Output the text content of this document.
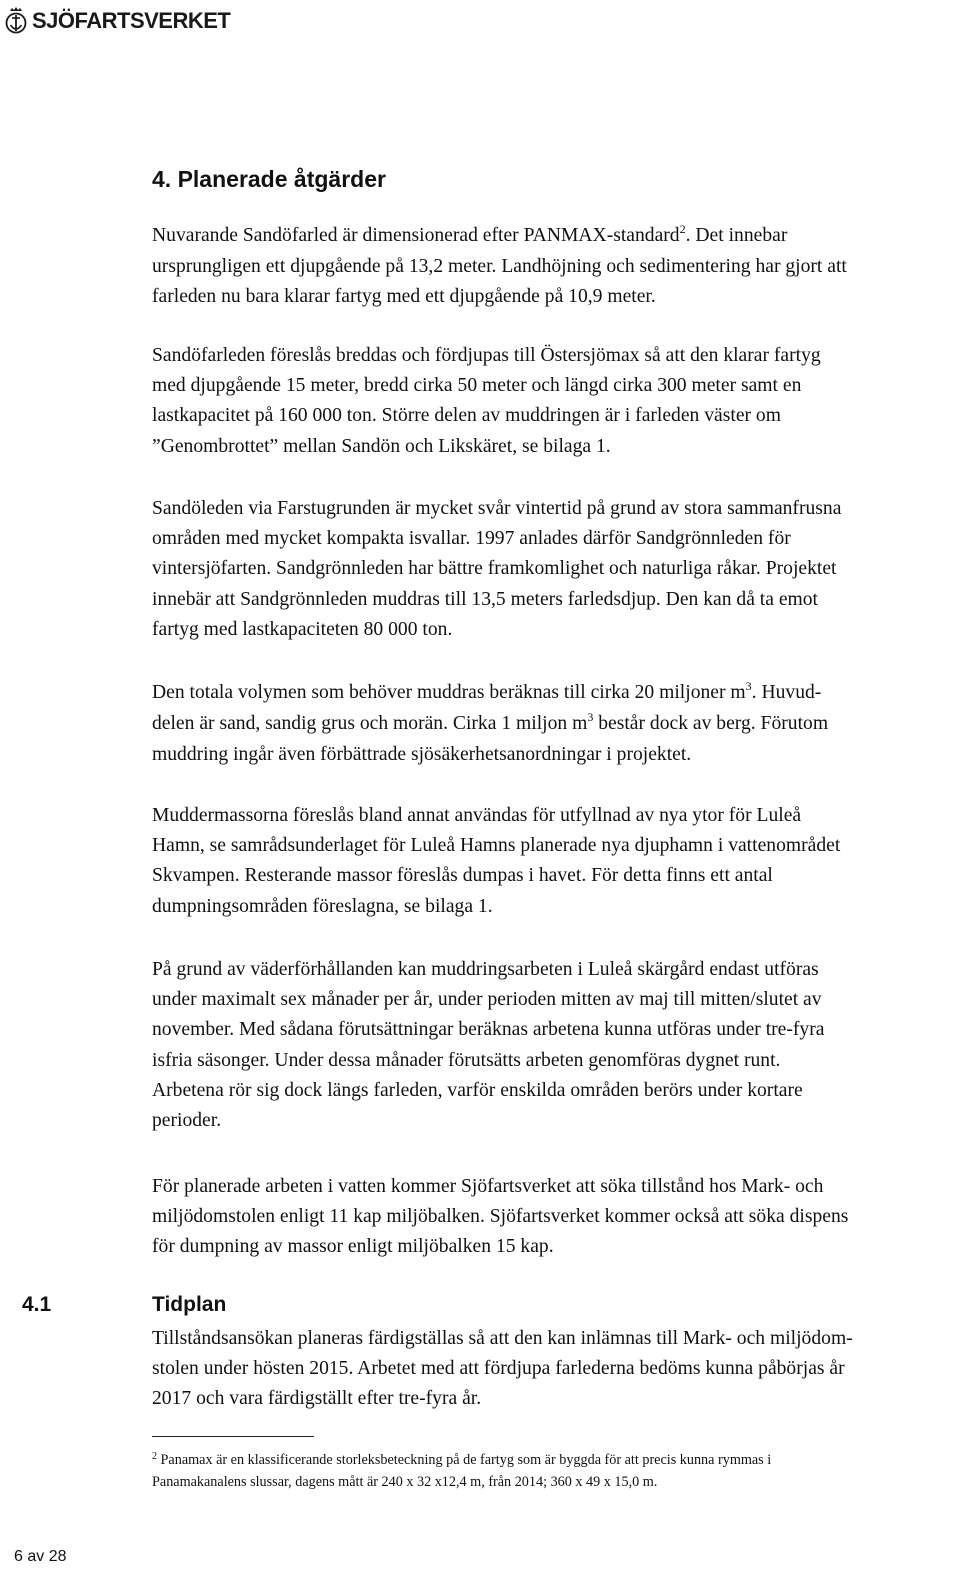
SJÖFARTSVERKET
4. Planerade åtgärder
Nuvarande Sandöfarled är dimensionerad efter PANMAX-standard$^2$. Det innebar
ursprungligen ett djupgående på 13,2 meter. Landhöjning och sedimentering har gjort att
farleden nu bara klarar fartyg med ett djupgående på 10,9 meter.
Sandöfarleden föreslås breddas och fördjupas till Östersjömax så att den klarar fartyg
med djupgående 15 meter, bredd cirka 50 meter och längd cirka 300 meter samt en
lastkapacitet på 160 000 ton. Större delen av muddringen är i farleden väster om
”Genombrottet” mellan Sandön och Likskäret, se bilaga 1.
Sandöleden via Farstugrunden är mycket svår vintertid på grund av stora sammanfrusna
områden med mycket kompakta isvallar. 1997 anlades därför Sandgrönnleden för
vintersjöfarten. Sandgrönnleden har bättre framkomlighet och naturliga råkar. Projektet
innebär att Sandgrönnleden muddras till 13,5 meters farledsdjup. Den kan då ta emot
fartyg med lastkapaciteten 80 000 ton.
Den totala volymen som behöver muddras beräknas till cirka 20 miljoner $m^3$. Huvud-
delen är sand, sandig grus och morän. Cirka 1 miljon $m^3$ består dock av berg. Förutom
muddring ingår även förbättrade sjösäkerhetsanordningar i projektet.
Muddermassorna föreslås bland annat användas för utfyllnad av nya ytor för Luleå
Hamn, se samrådsunderlaget för Luleå Hamns planerade nya djuphamn i vattenområdet
Skvampen. Resterande massor föreslås dumpas i havet. För detta finns ett antal
dumpningsområden föreslagna, se bilaga 1.
På grund av väderförhållanden kan muddringsarbeten i Luleå skärgård endast utföras
under maximalt sex månader per år, under perioden mitten av maj till mitten/slutet av
november. Med sådana förutsättningar beräknas arbetena kunna utföras under tre-fyra
isfria säsonger. Under dessa månader förutsätts arbeten genomföras dygnet runt.
Arbetena rör sig dock längs farleden, varför enskilda områden berörs under kortare
perioder.
För planerade arbeten i vatten kommer Sjöfartsverket att söka tillstånd hos Mark- och
miljödomstolen enligt 11 kap miljöbalken. Sjöfartsverket kommer också att söka dispens
för dumpning av massor enligt miljöbalken 15 kap.
4.1	Tidplan
Tillståndsansökan planeras färdigställas så att den kan inlämnas till Mark- och miljödom-
stolen under hösten 2015. Arbetet med att fördjupa farlederna bedöms kunna påbörjas år
2017 och vara färdigställt efter tre-fyra år.
$^2$ Panamax är en klassificerande storleksbeteckning på de fartyg som är byggda för att precis kunna rymmas i
Panamakanalens slussar, dagens mått är 240 x 32 x12,4 m, från 2014; 360 x 49 x 15,0 m.
6 av 28
